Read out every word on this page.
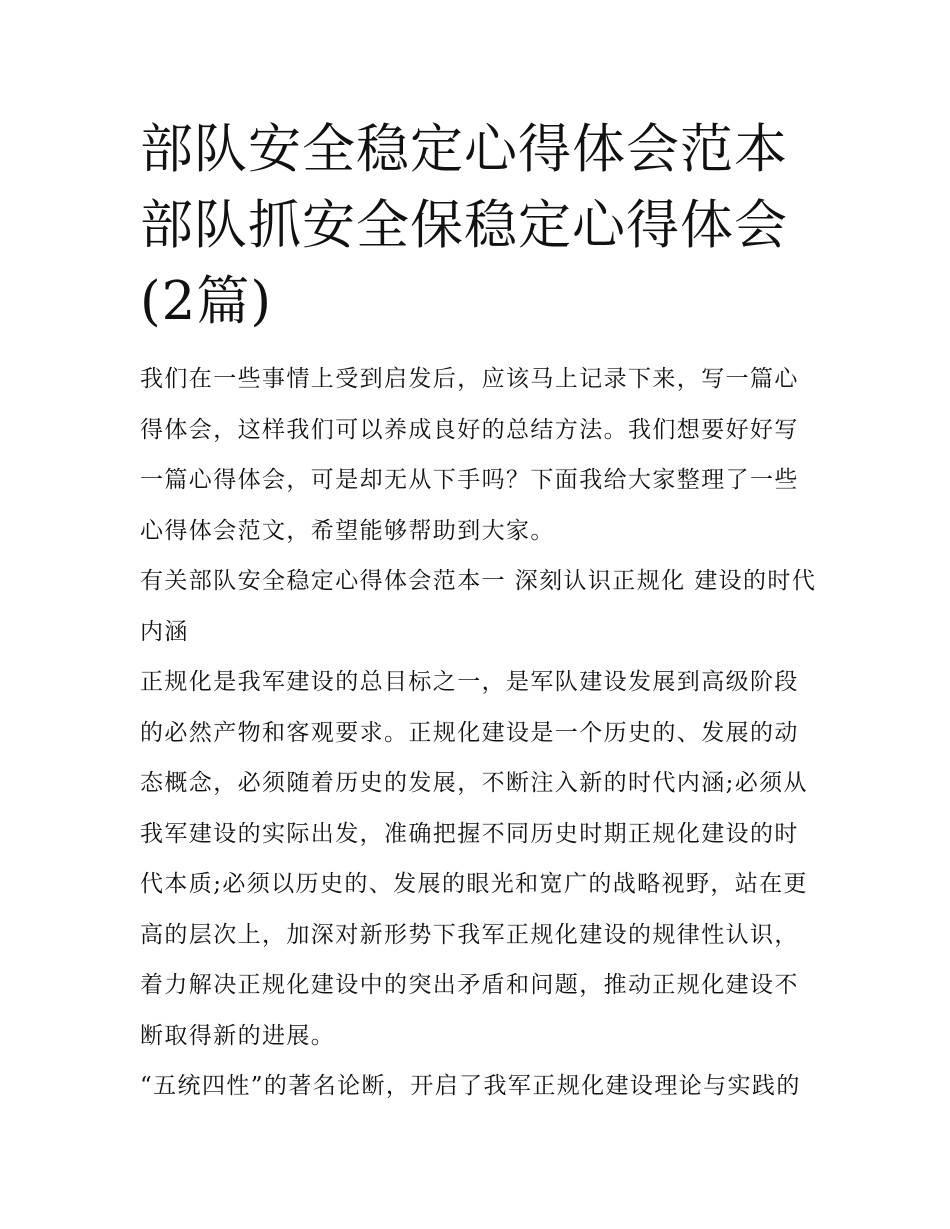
部队安全稳定心得体会范本 部队抓安全保稳定心得体会(2篇)

我们在一些事情上受到启发后，应该马上记录下来，写一篇心得体会，这样我们可以养成良好的总结方法。我们想要好好写一篇心得体会，可是却无从下手吗？下面我给大家整理了一些心得体会范文，希望能够帮助到大家。

有关部队安全稳定心得体会范本一 深刻认识正规化 建设的时代内涵

正规化是我军建设的总目标之一，是军队建设发展到高级阶段的必然产物和客观要求。正规化建设是一个历史的、发展的动态概念，必须随着历史的发展，不断注入新的时代内涵;必须从我军建设的实际出发，准确把握不同历史时期正规化建设的时代本质;必须以历史的、发展的眼光和宽广的战略视野，站在更高的层次上，加深对新形势下我军正规化建设的规律性认识，着力解决正规化建设中的突出矛盾和问题，推动正规化建设不断取得新的进展。

“五统四性”的著名论断，开启了我军正规化建设理论与实践的
